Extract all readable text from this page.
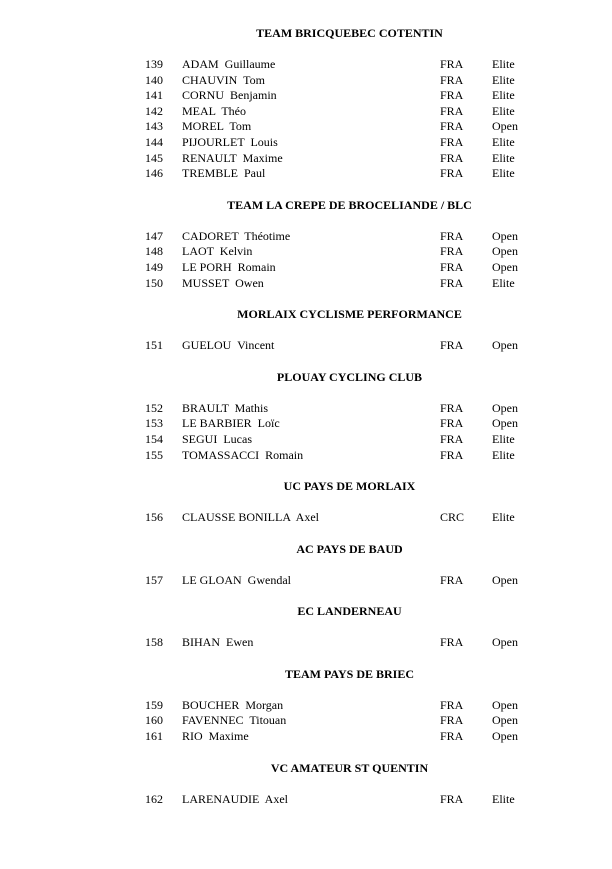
TEAM BRICQUEBEC COTENTIN
139 ADAM  Guillaume	FRA Elite
140 CHAUVIN  Tom	FRA Elite
141 CORNU  Benjamin	FRA Elite
142 MEAL  Théo	FRA Elite
143 MOREL  Tom	FRA Open
144 PIJOURLET  Louis	FRA Elite
145 RENAULT  Maxime	FRA Elite
146 TREMBLE  Paul	FRA Elite
TEAM LA CREPE DE BROCELIANDE / BLC
147 CADORET  Théotime	FRA Open
148 LAOT  Kelvin	FRA Open
149 LE PORH  Romain	FRA Open
150 MUSSET  Owen	FRA Elite
MORLAIX CYCLISME PERFORMANCE
151 GUELOU  Vincent	FRA Open
PLOUAY CYCLING CLUB
152 BRAULT  Mathis	FRA Open
153 LE BARBIER  Loïc	FRA Open
154 SEGUI  Lucas	FRA Elite
155 TOMASSACCI  Romain	FRA Elite
UC PAYS DE MORLAIX
156 CLAUSSE BONILLA  Axel	CRC Elite
AC PAYS DE BAUD
157 LE GLOAN  Gwendal	FRA Open
EC LANDERNEAU
158 BIHAN  Ewen	FRA Open
TEAM PAYS DE BRIEC
159 BOUCHER  Morgan	FRA Open
160 FAVENNEC  Titouan	FRA Open
161 RIO  Maxime	FRA Open
VC AMATEUR ST QUENTIN
162 LARENAUDIE  Axel	FRA Elite
